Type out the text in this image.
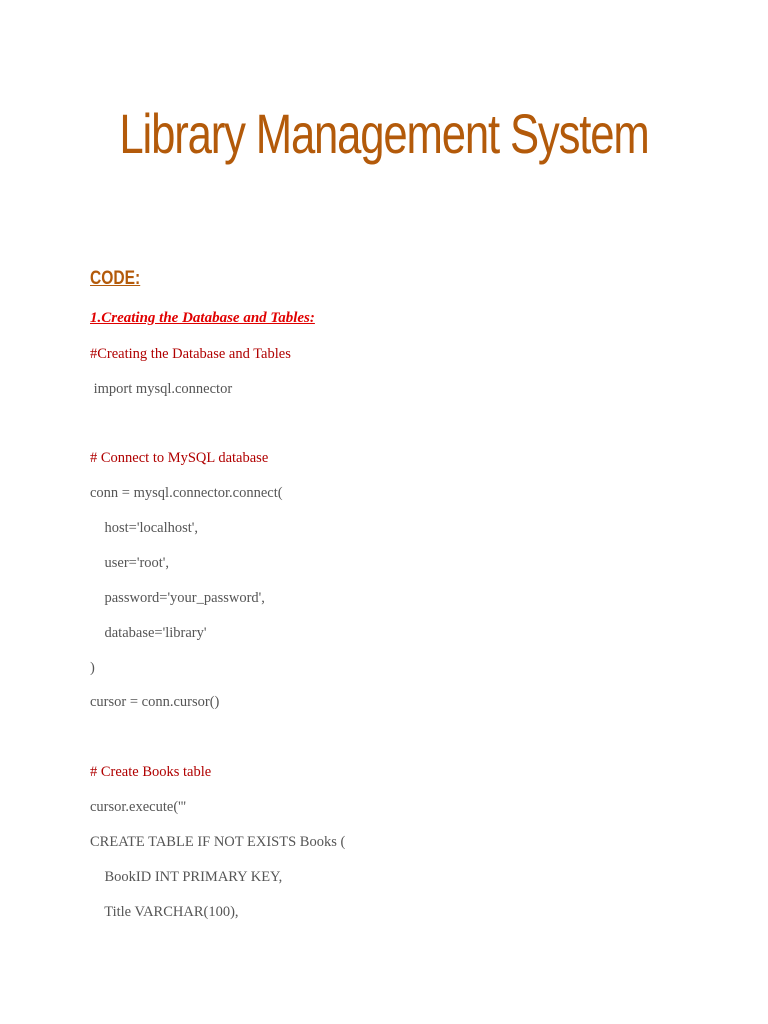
Library Management System
CODE:
1.Creating the Database and Tables:
#Creating the Database and Tables
import mysql.connector
# Connect to MySQL database
conn = mysql.connector.connect(
host='localhost',
user='root',
password='your_password',
database='library'
)
cursor = conn.cursor()
# Create Books table
cursor.execute('''
CREATE TABLE IF NOT EXISTS Books (
BookID INT PRIMARY KEY,
Title VARCHAR(100),
